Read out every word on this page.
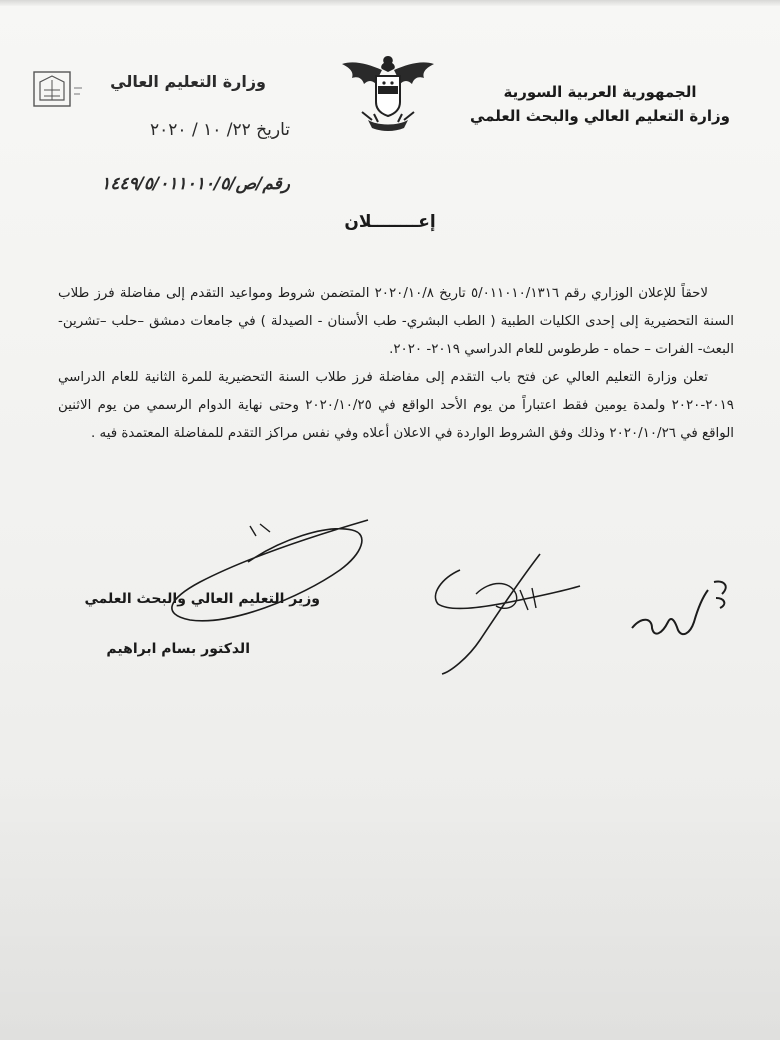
وزارة التعليم العالي
الجمهورية العربية السورية
وزارة التعليم العالي والبحث العلمي
تاريخ ٢٢/ ١٠ / ٢٠٢٠
رقم/ص/١٤٤٩/٥/٠١١٠١٠/٥
إعــــــــلان

لاحقاً للإعلان الوزاري رقم ٥/٠١١٠١٠/١٣١٦ تاريخ ٢٠٢٠/١٠/٨ المتضمن شروط ومواعيد التقدم إلى مفاضلة فرز طلاب السنة التحضيرية إلى إحدى الكليات الطبية ( الطب البشري- طب الأسنان - الصيدلة ) في جامعات دمشق –حلب –تشرين- البعث- الفرات – حماه - طرطوس للعام الدراسي ٢٠١٩- ٢٠٢٠.

تعلن وزارة التعليم العالي عن فتح باب التقدم إلى مفاضلة فرز طلاب السنة التحضيرية للمرة الثانية للعام الدراسي ٢٠١٩-٢٠٢٠ ولمدة يومين فقط اعتباراً من يوم الأحد الواقع في ٢٠٢٠/١٠/٢٥ وحتى نهاية الدوام الرسمي من يوم الاثنين الواقع في ٢٠٢٠/١٠/٢٦ وذلك وفق الشروط الواردة في الاعلان أعلاه وفي نفس مراكز التقدم للمفاضلة المعتمدة فيه .

وزير التعليم العالي والبحث العلمي
الدكتور بسام ابراهيم
